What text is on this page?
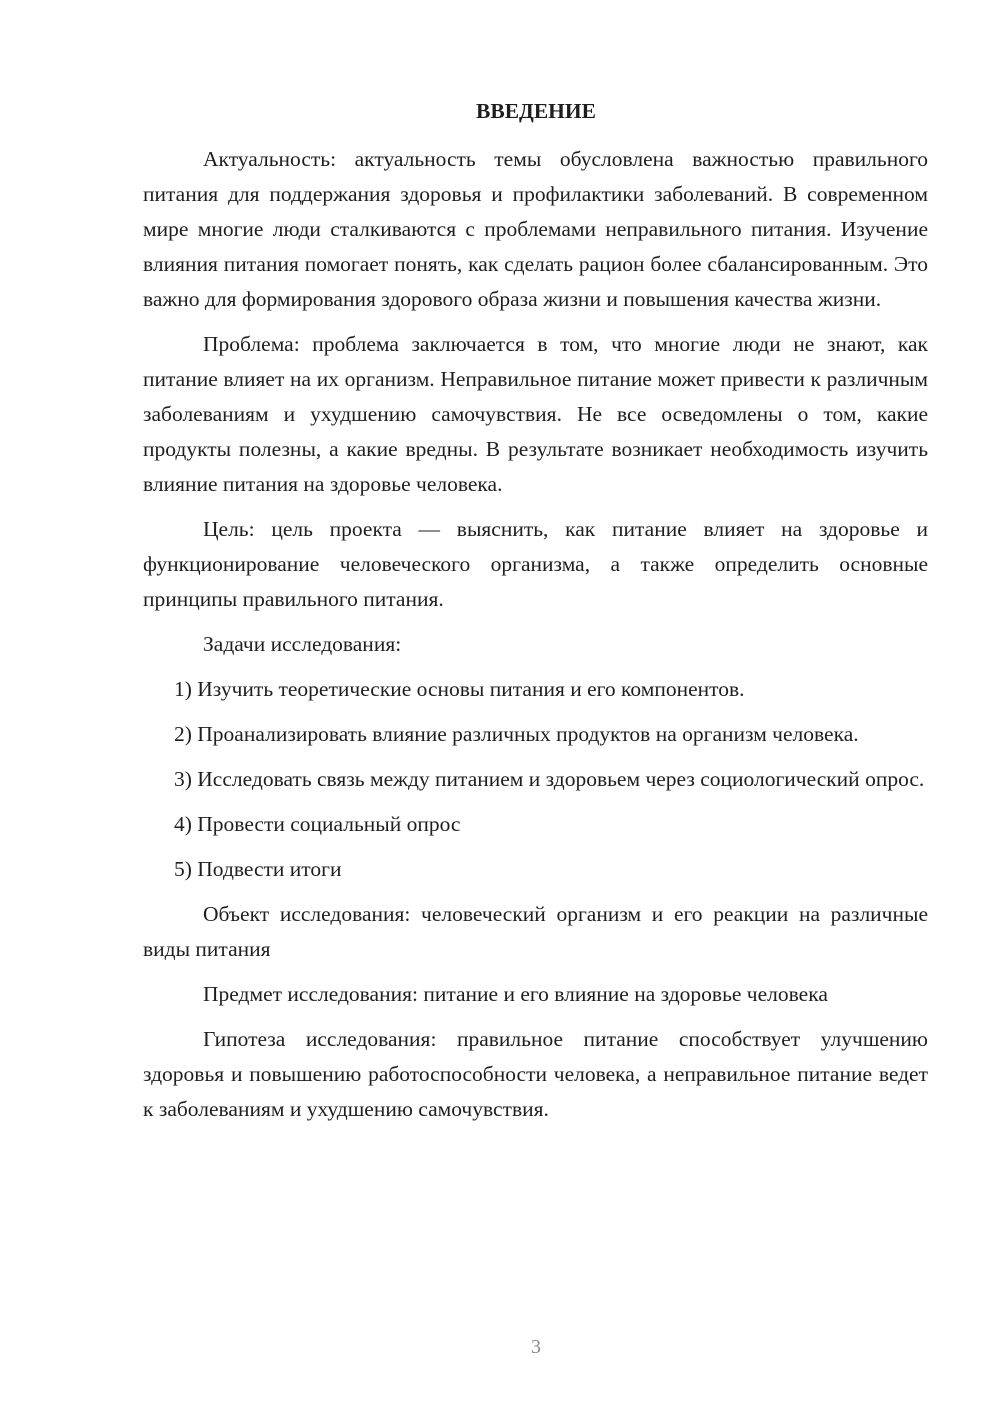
ВВЕДЕНИЕ

Актуальность: актуальность темы обусловлена важностью правильного питания для поддержания здоровья и профилактики заболеваний. В современном мире многие люди сталкиваются с проблемами неправильного питания. Изучение влияния питания помогает понять, как сделать рацион более сбалансированным. Это важно для формирования здорового образа жизни и повышения качества жизни.

Проблема: проблема заключается в том, что многие люди не знают, как питание влияет на их организм. Неправильное питание может привести к различным заболеваниям и ухудшению самочувствия. Не все осведомлены о том, какие продукты полезны, а какие вредны. В результате возникает необходимость изучить влияние питания на здоровье человека.

Цель: цель проекта — выяснить, как питание влияет на здоровье и функционирование человеческого организма, а также определить основные принципы правильного питания.

Задачи исследования:

1) Изучить теоретические основы питания и его компонентов.

2) Проанализировать влияние различных продуктов на организм человека.

3) Исследовать связь между питанием и здоровьем через социологический опрос.

4) Провести социальный опрос

5) Подвести итоги

Объект исследования: человеческий организм и его реакции на различные виды питания

Предмет исследования: питание и его влияние на здоровье человека

Гипотеза исследования: правильное питание способствует улучшению здоровья и повышению работоспособности человека, а неправильное питание ведет к заболеваниям и ухудшению самочувствия.

3
